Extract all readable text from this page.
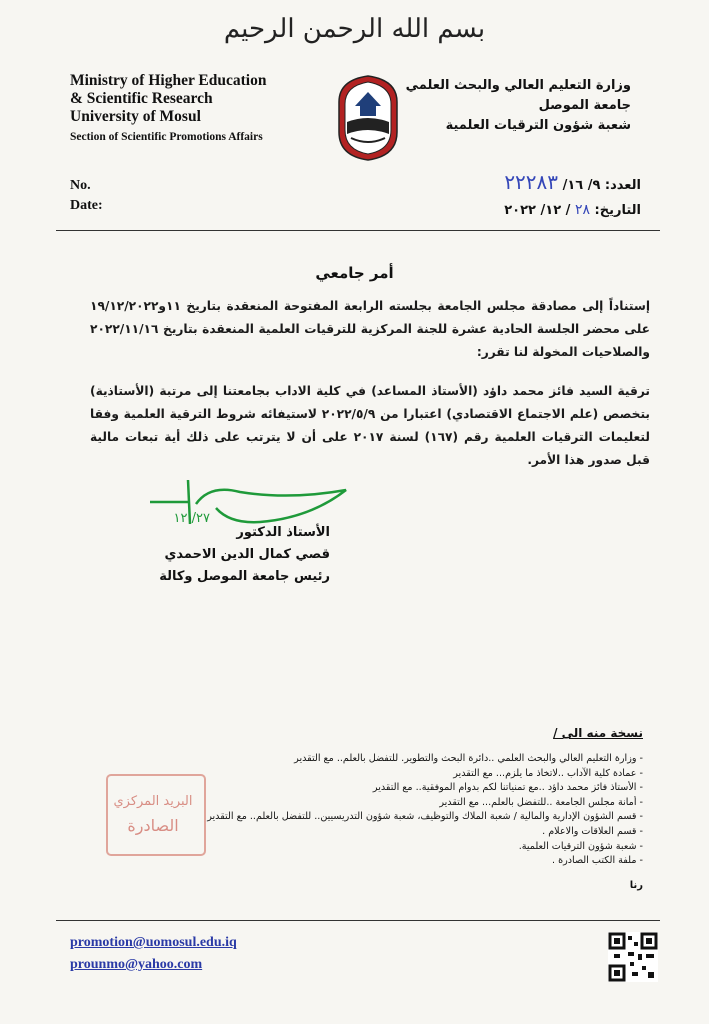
بسم الله الرحمن الرحيم
Ministry of Higher Education
& Scientific Research
University of Mosul
Section of Scientific Promotions Affairs
وزارة التعليم العالي والبحث العلمي
جامعة الموصل
شعبة شؤون الترقيات العلمية
No.
Date:
العدد: ٩/ ١٦/ ٢٢٢٨٣
التاريخ: ٢٨ / ١٢/ ٢٠٢٢
أمر جامعي
إستناداً إلى مصادقة مجلس الجامعة بجلسته الرابعة المفتوحة المنعقدة بتاريخ ١١و١٩/١٢/٢٠٢٢ على محضر الجلسة الحادية عشرة للجنة المركزية للترقيات العلمية المنعقدة بتاريخ ٢٠٢٢/١١/١٦ والصلاحيات المخولة لنا تقرر:
ترقية السيد فائز محمد داؤد (الأستاذ المساعد) في كلية الاداب بجامعتنا إلى مرتبة (الأستاذية) بتخصص (علم الاجتماع الاقتصادي) اعتبارا من ٢٠٢٢/٥/٩ لاستيفائه شروط الترقية العلمية وفقا لتعليمات الترقيات العلمية رقم (١٦٧) لسنة ٢٠١٧ على أن لا يترتب على ذلك أية تبعات مالية قبل صدور هذا الأمر.
٢٧/ ١٢
الأستاذ الدكتور
قصي كمال الدين الاحمدي
رئيس جامعة الموصل وكالة
البريد المركزي
الصادرة
نسخة منه الى /
- وزارة التعليم العالي والبحث العلمي ..دائرة البحث والتطوير. للتفضل بالعلم.. مع التقدير
- عمادة كلية الآداب ..لاتخاذ ما يلزم... مع التقدير
- الأستاذ فائز محمد داؤد ..مع تمنياتنا لكم بدوام الموفقية.. مع التقدير
- أمانة مجلس الجامعة ..للتفضل بالعلم... مع التقدير
- قسم الشؤون الإدارية والمالية / شعبة الملاك والتوظيف، شعبة شؤون التدريسيين.. للتفضل بالعلم.. مع التقدير
- قسم العلاقات والاعلام .
- شعبة شؤون الترقيات العلمية.
- ملفة الكتب الصادرة .
رنا
promotion@uomosul.edu.iq
prounmo@yahoo.com
